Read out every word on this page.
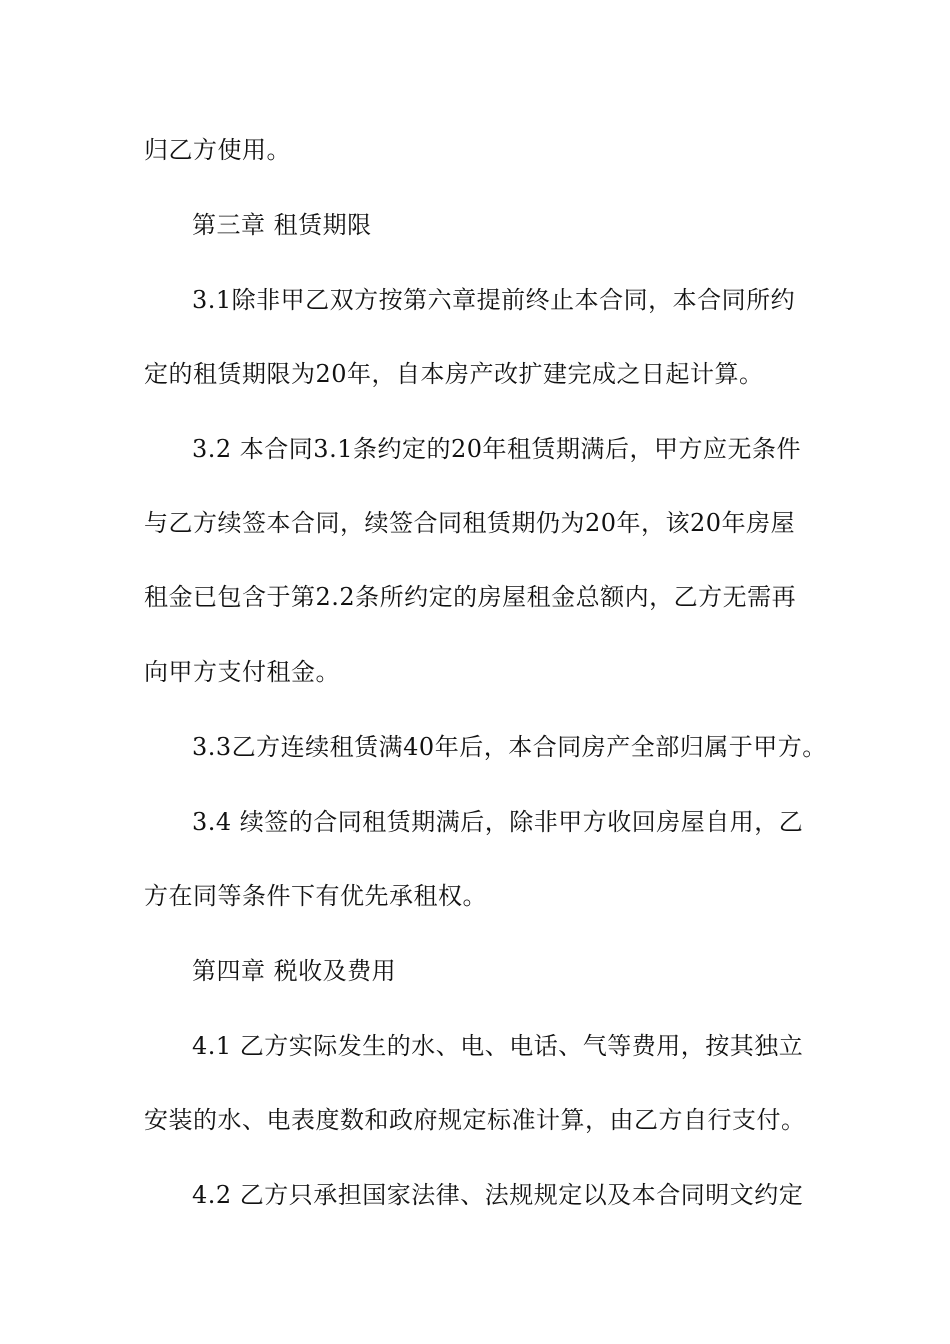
归乙方使用。
第三章 租赁期限
3.1除非甲乙双方按第六章提前终止本合同，本合同所约
定的租赁期限为20年，自本房产改扩建完成之日起计算。
3.2 本合同3.1条约定的20年租赁期满后，甲方应无条件
与乙方续签本合同，续签合同租赁期仍为20年，该20年房屋
租金已包含于第2.2条所约定的房屋租金总额内，乙方无需再
向甲方支付租金。
3.3乙方连续租赁满40年后，本合同房产全部归属于甲方。
3.4 续签的合同租赁期满后，除非甲方收回房屋自用，乙
方在同等条件下有优先承租权。
第四章 税收及费用
4.1 乙方实际发生的水、电、电话、气等费用，按其独立
安装的水、电表度数和政府规定标准计算，由乙方自行支付。
4.2 乙方只承担国家法律、法规规定以及本合同明文约定
